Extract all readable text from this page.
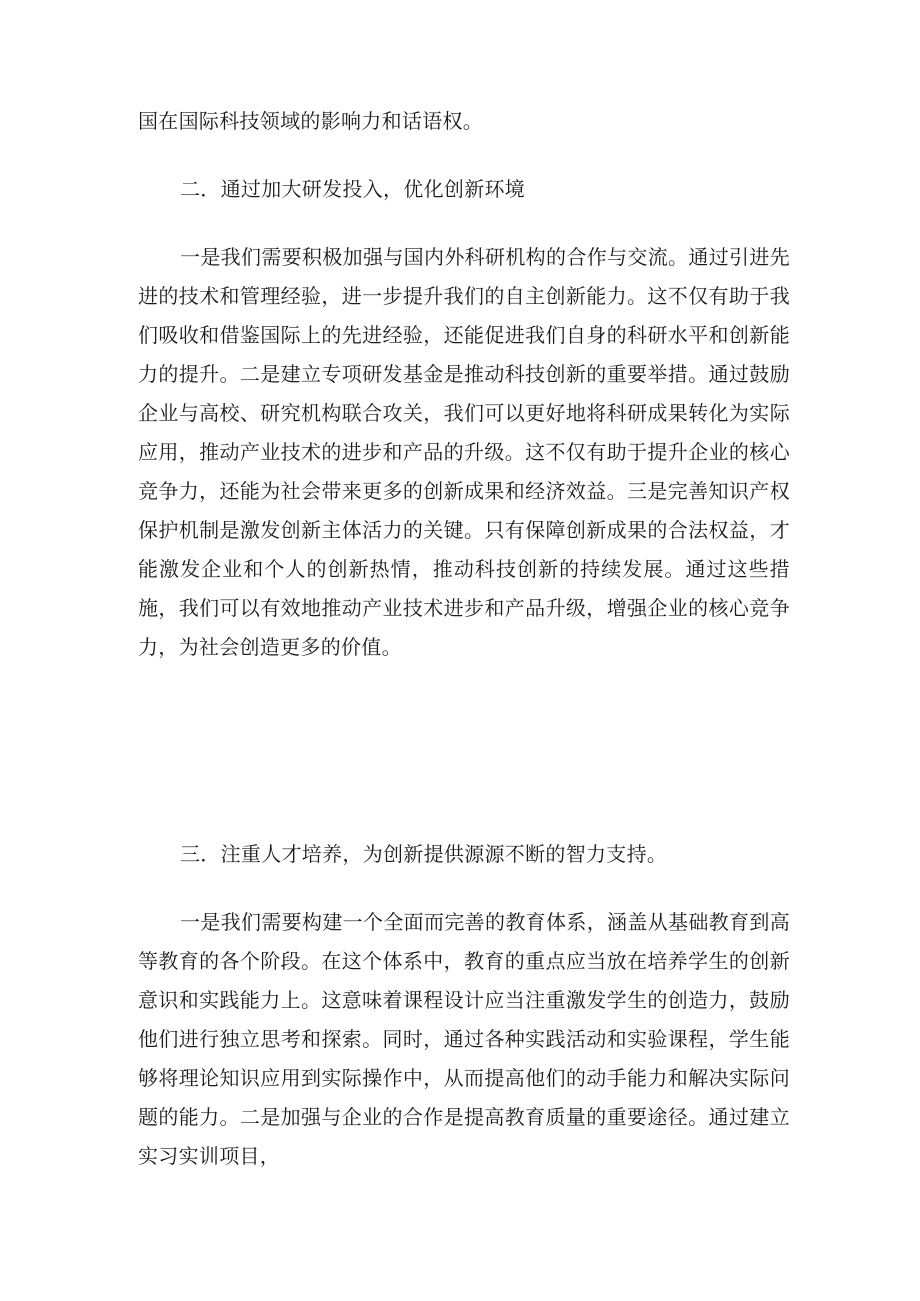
国在国际科技领域的影响力和话语权。

二．通过加大研发投入，优化创新环境

一是我们需要积极加强与国内外科研机构的合作与交流。通过引进先进的技术和管理经验，进一步提升我们的自主创新能力。这不仅有助于我们吸收和借鉴国际上的先进经验，还能促进我们自身的科研水平和创新能力的提升。二是建立专项研发基金是推动科技创新的重要举措。通过鼓励企业与高校、研究机构联合攻关，我们可以更好地将科研成果转化为实际应用，推动产业技术的进步和产品的升级。这不仅有助于提升企业的核心竞争力，还能为社会带来更多的创新成果和经济效益。三是完善知识产权保护机制是激发创新主体活力的关键。只有保障创新成果的合法权益，才能激发企业和个人的创新热情，推动科技创新的持续发展。通过这些措施，我们可以有效地推动产业技术进步和产品升级，增强企业的核心竞争力，为社会创造更多的价值。

三．注重人才培养，为创新提供源源不断的智力支持。

一是我们需要构建一个全面而完善的教育体系，涵盖从基础教育到高等教育的各个阶段。在这个体系中，教育的重点应当放在培养学生的创新意识和实践能力上。这意味着课程设计应当注重激发学生的创造力，鼓励他们进行独立思考和探索。同时，通过各种实践活动和实验课程，学生能够将理论知识应用到实际操作中，从而提高他们的动手能力和解决实际问题的能力。二是加强与企业的合作是提高教育质量的重要途径。通过建立实习实训项目，
